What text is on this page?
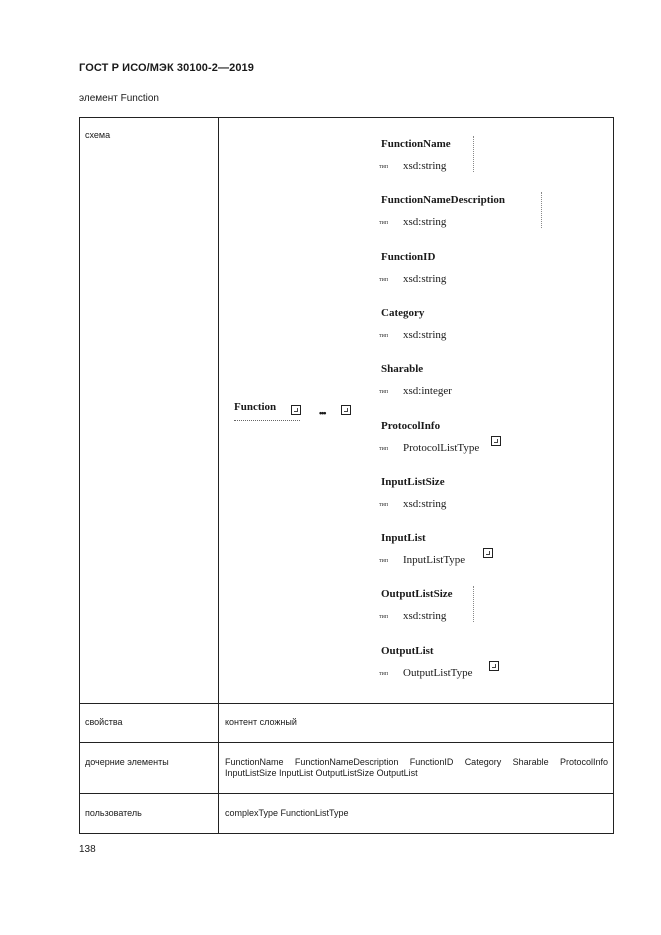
ГОСТ Р ИСО/МЭК 30100-2—2019
элемент Function
схема
Function	•••
FunctionName
тип xsd:string
FunctionNameDescription
тип xsd:string
FunctionID
тип xsd:string
Category
тип xsd:string
Sharable
тип xsd:integer
ProtocolInfo
тип ProtocolListType
InputListSize
тип xsd:string
InputList
тип InputListType
OutputListSize
тип xsd:string
OutputList
тип OutputListType
свойства	контент сложный
дочерние элементы	FunctionName FunctionNameDescription FunctionID Category Sharable ProtocolInfo InputListSize InputList OutputListSize OutputList
пользователь	complexType FunctionListType
138
